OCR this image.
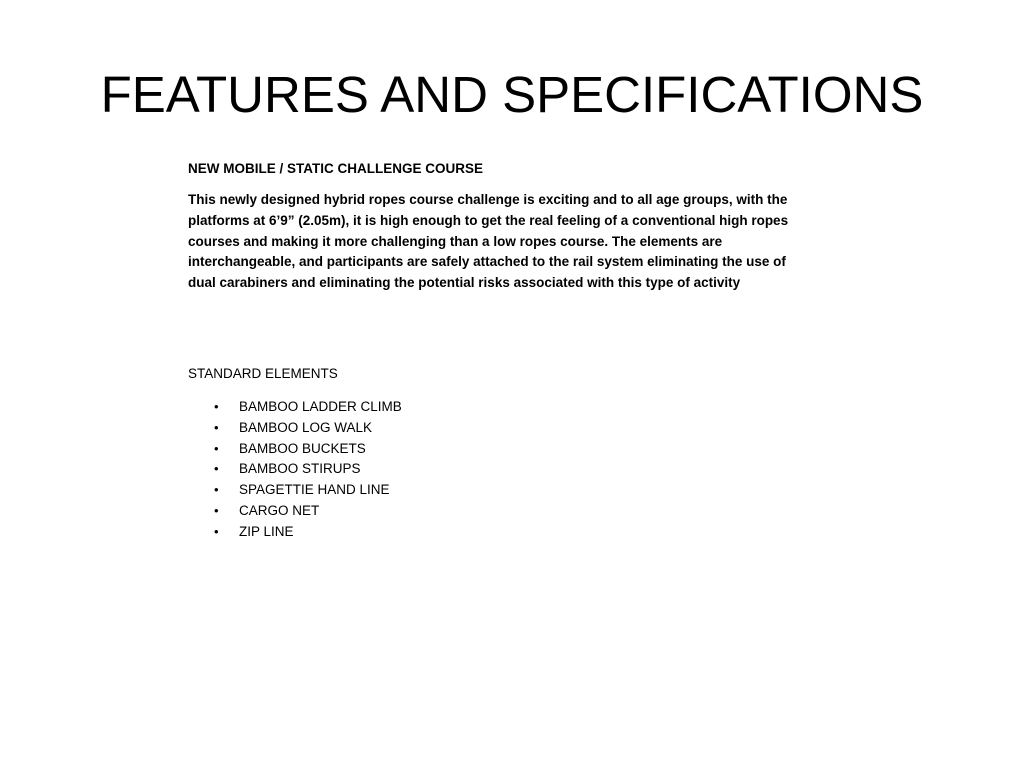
FEATURES AND SPECIFICATIONS

NEW MOBILE / STATIC CHALLENGE COURSE

This newly designed hybrid ropes course challenge is exciting and to all age groups, with the platforms at 6’9” (2.05m), it is high enough to get the real feeling of a conventional high ropes courses and making it more challenging than a low ropes course. The elements are interchangeable, and participants are safely attached to the rail system eliminating the use of dual carabiners and eliminating the potential risks associated with this type of activity

STANDARD ELEMENTS

• BAMBOO LADDER CLIMB
• BAMBOO LOG WALK
• BAMBOO BUCKETS
• BAMBOO STIRUPS
• SPAGETTIE HAND LINE
• CARGO NET
• ZIP LINE
